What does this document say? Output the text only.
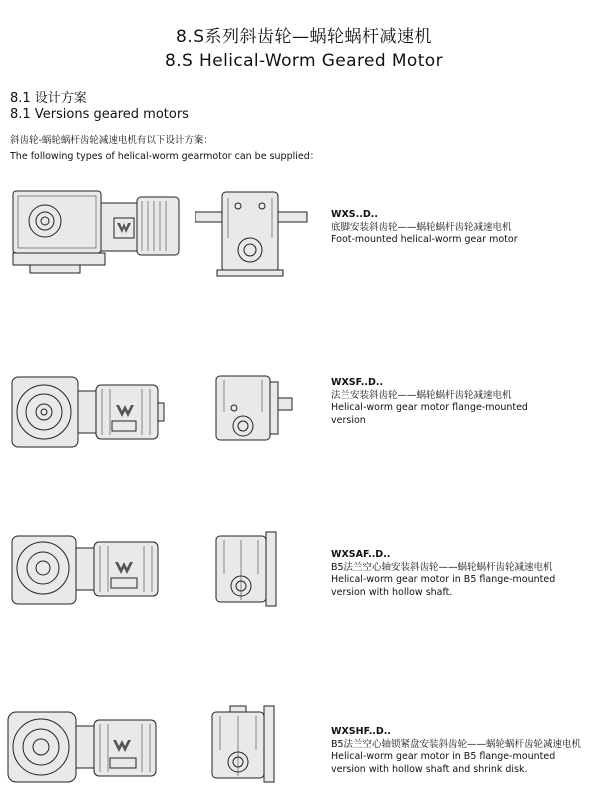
8.S系列斜齿轮—蜗轮蜗杆减速机
8.S Helical-Worm Geared Motor
8.1 设计方案
8.1 Versions geared motors
斜齿轮-蜗轮蜗杆齿轮减速电机有以下设计方案：
The following types of helical-worm gearmotor can be supplied：
WXS..D..
底脚安装斜齿轮——蜗轮蜗杆齿轮减速电机
Foot-mounted helical-worm gear motor
WXSF..D..
法兰安装斜齿轮——蜗轮蜗杆齿轮减速电机
Helical-worm gear motor flange-mounted
version
WXSAF..D..
B5法兰空心轴安装斜齿轮——蜗轮蜗杆齿轮减速电机
Helical-worm gear motor in B5 flange-mounted
version with hollow shaft.
WXSHF..D..
B5法兰空心轴锁紧盘安装斜齿轮——蜗轮蜗杆齿轮减速电机
Helical-worm gear motor in B5 flange-mounted
version with hollow shaft and shrink disk.
